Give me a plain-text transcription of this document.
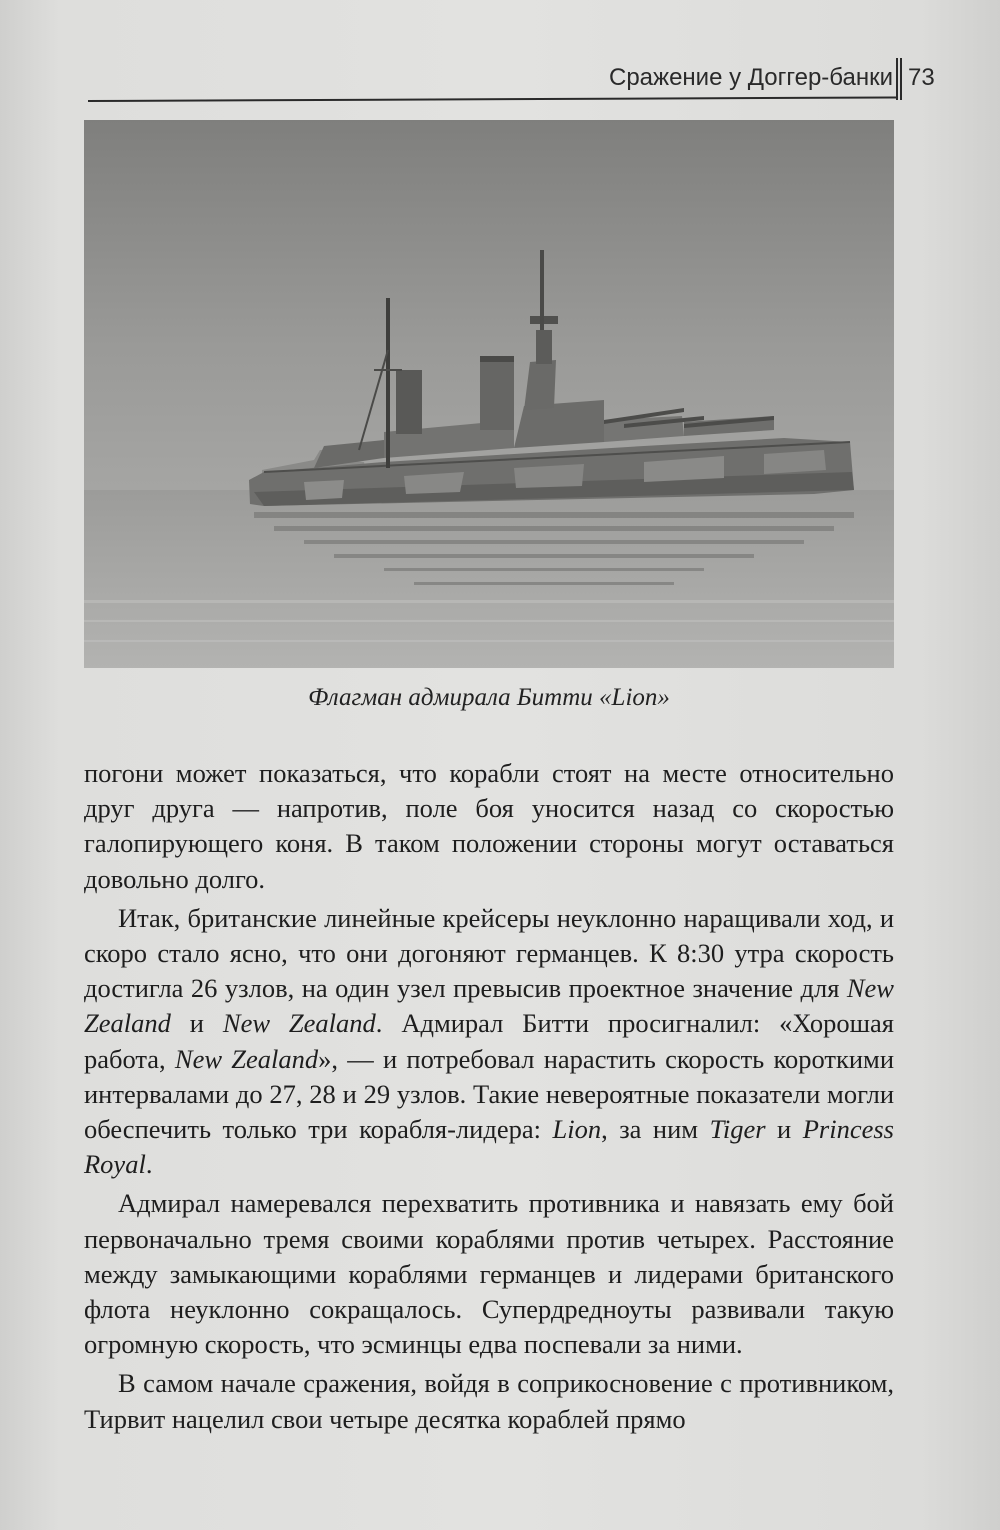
Сражение у Доггер-банки 73
Флагман адмирала Битти «Lion»

погони может показаться, что корабли стоят на месте относительно друг друга — напротив, поле боя уносится назад со скоростью галопирующего коня. В таком положении стороны могут оставаться довольно долго.

Итак, британские линейные крейсеры неуклонно наращивали ход, и скоро стало ясно, что они догоняют германцев. К 8:30 утра скорость достигла 26 узлов, на один узел превысив проектное значение для New Zealand и New Zealand. Адмирал Битти просигналил: «Хорошая работа, New Zealand», — и потребовал нарастить скорость короткими интервалами до 27, 28 и 29 узлов. Такие невероятные показатели могли обеспечить только три корабля-лидера: Lion, за ним Tiger и Princess Royal.

Адмирал намеревался перехватить противника и навязать ему бой первоначально тремя своими кораблями против четырех. Расстояние между замыкающими кораблями германцев и лидерами британского флота неуклонно сокращалось. Супердредноуты развивали такую огромную скорость, что эсминцы едва поспевали за ними.

В самом начале сражения, войдя в соприкосновение с противником, Тирвит нацелил свои четыре десятка кораблей прямо
